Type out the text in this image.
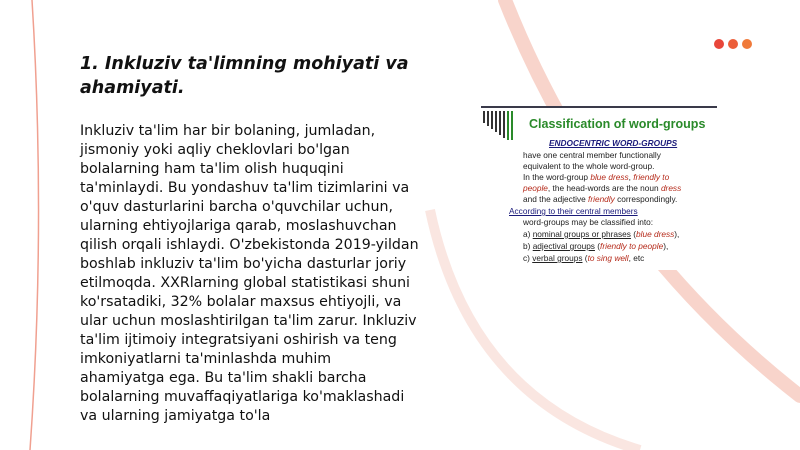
1. Inkluziv ta'limning mohiyati va ahamiyati.

Inkluziv ta'lim har bir bolaning, jumladan, jismoniy yoki aqliy cheklovlari bo'lgan bolalarning ham ta'lim olish huquqini ta'minlaydi. Bu yondashuv ta'lim tizimlarini va o'quv dasturlarini barcha o'quvchilar uchun, ularning ehtiyojlariga qarab, moslashuvchan qilish orqali ishlaydi. O'zbekistonda 2019-yildan boshlab inkluziv ta'lim bo'yicha dasturlar joriy etilmoqda. XXRlarning global statistikasi shuni ko'rsatadiki, 32% bolalar maxsus ehtiyojli, va ular uchun moslashtirilgan ta'lim zarur. Inkluziv ta'lim ijtimoiy integratsiyani oshirish va teng imkoniyatlarni ta'minlashda muhim ahamiyatga ega. Bu ta'lim shakli barcha bolalarning muvaffaqiyatlariga ko'maklashadi va ularning jamiyatga to'la

Classification of word-groups
ENDOCENTRIC WORD-GROUPS
have one central member functionally
equivalent to the whole word-group.
In the word-group blue dress, friendly to
people, the head-words are the noun dress
and the adjective friendly correspondingly.
According to their central members
word-groups may be classified into:
a) nominal groups or phrases (blue dress),
b) adjectival groups (friendly to people),
c) verbal groups (to sing well, etc
